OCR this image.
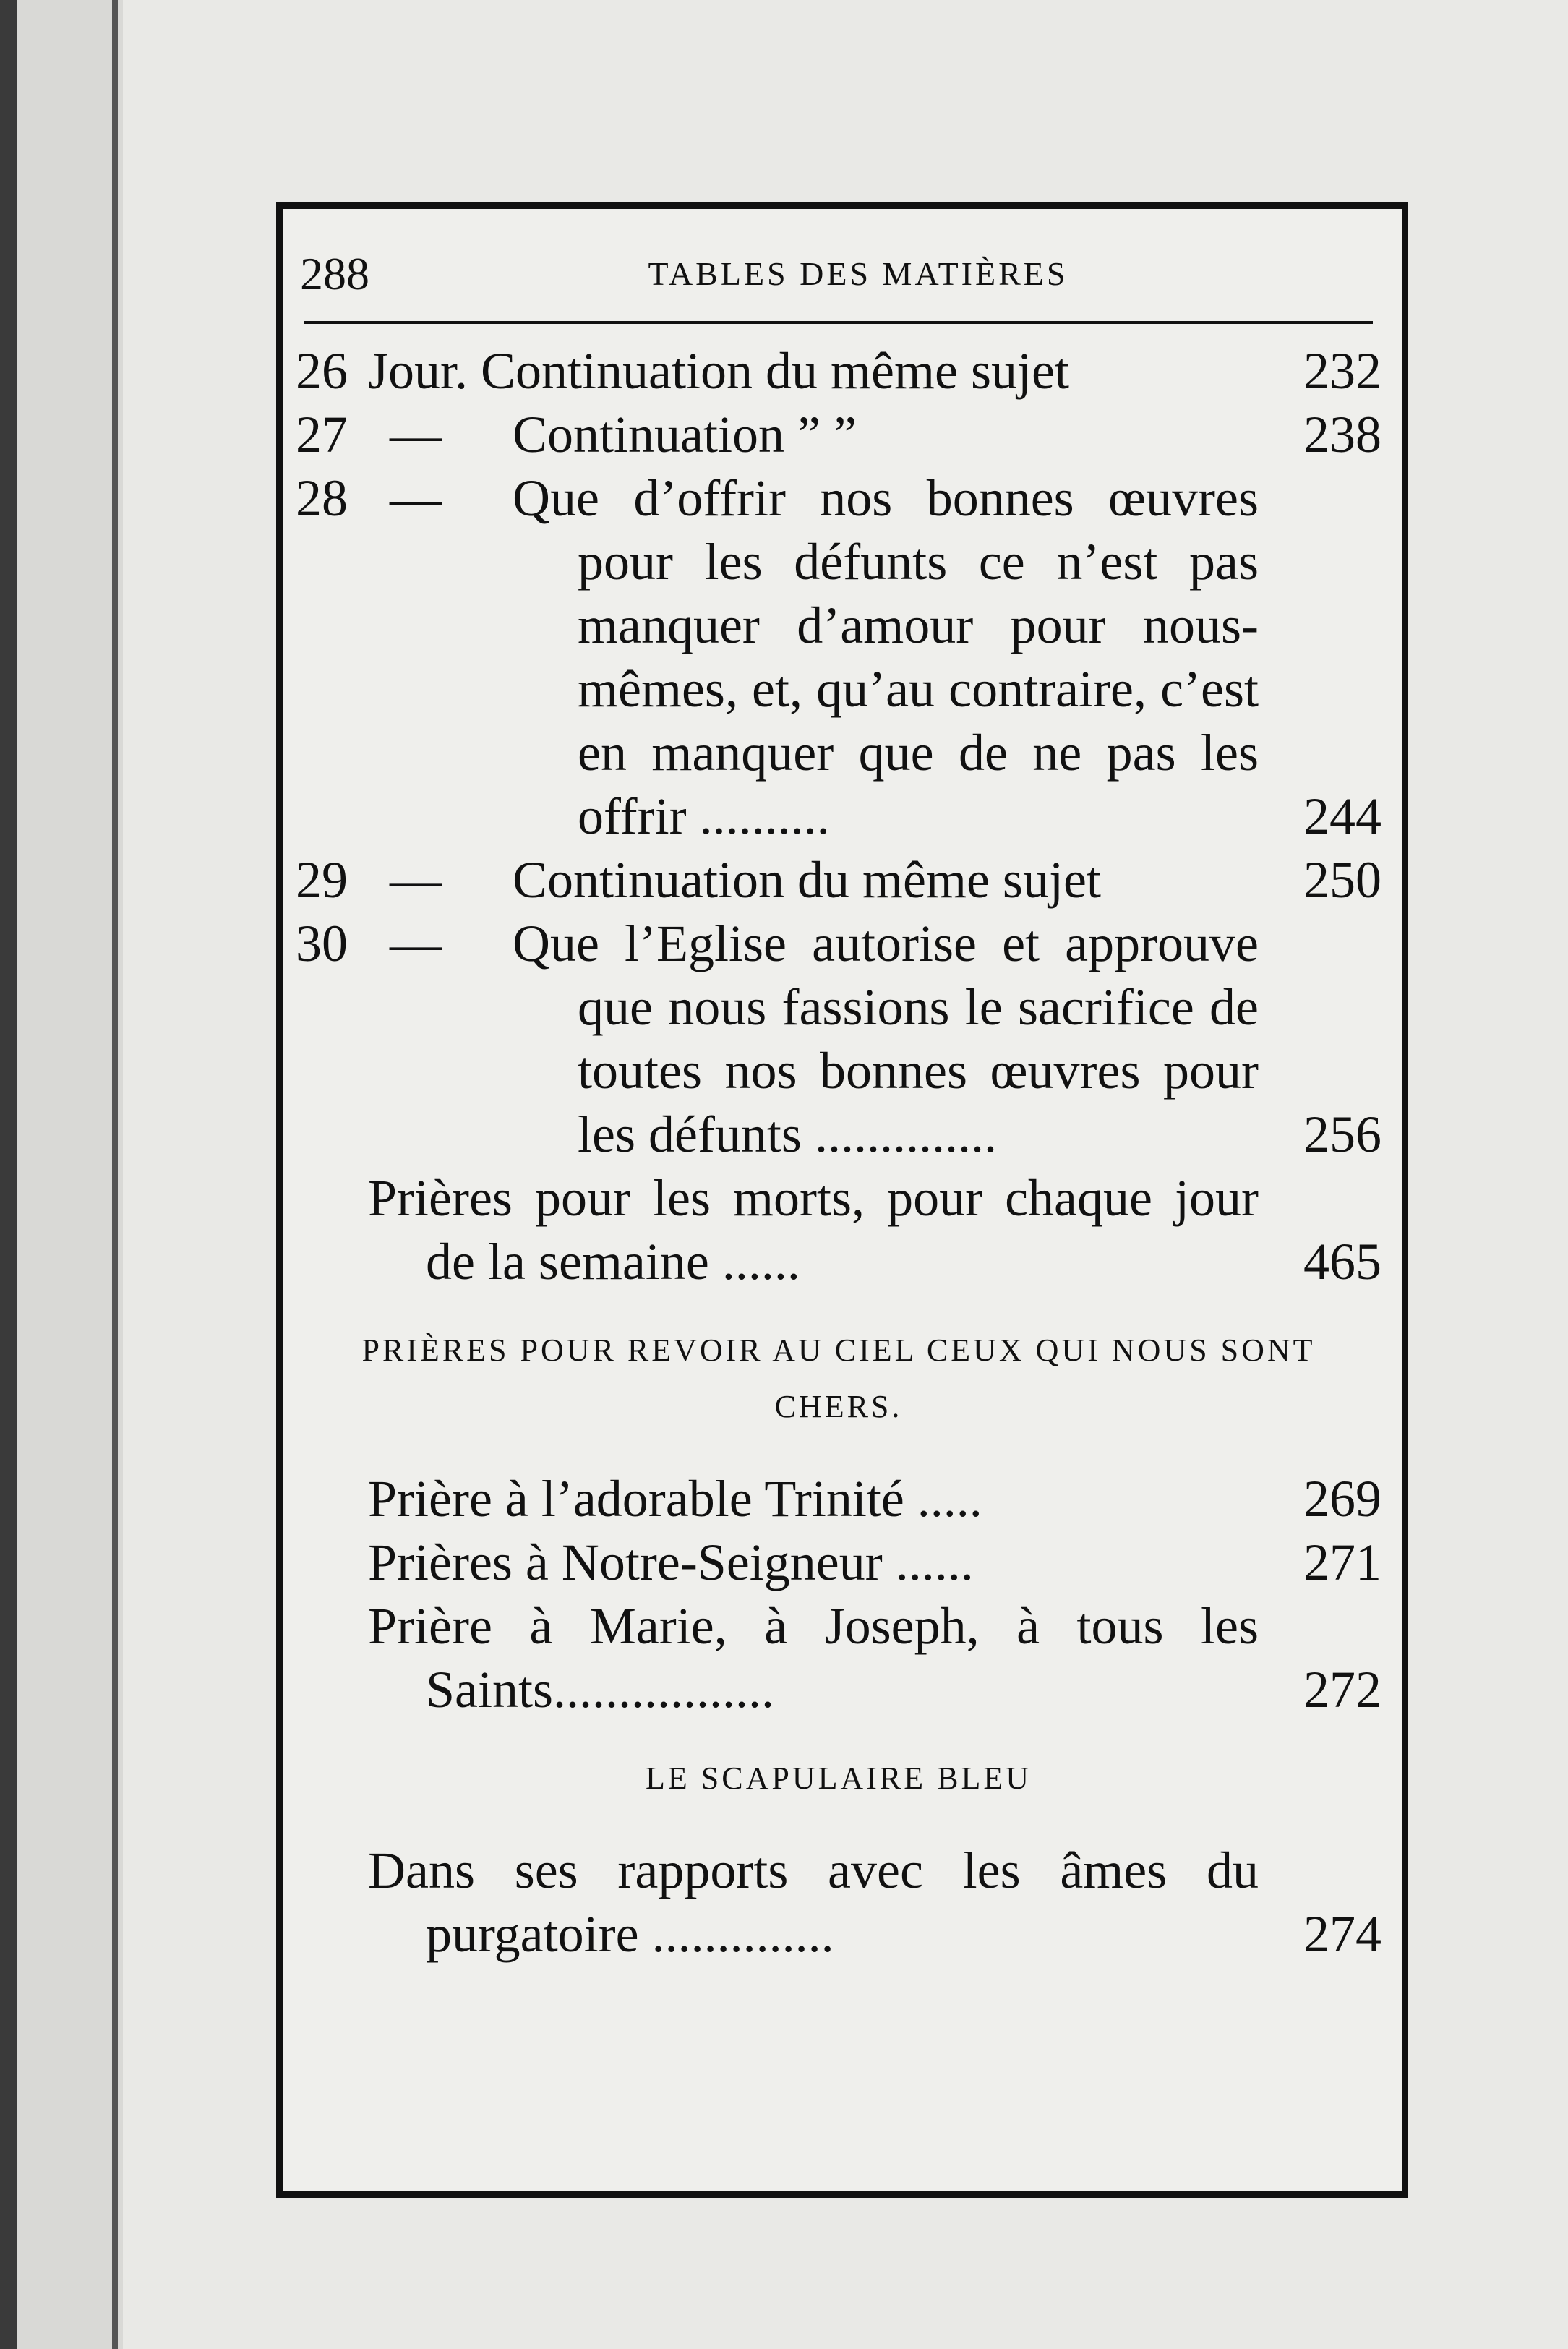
288	TABLES DES MATIÈRES
26 Jour. Continuation du même sujet	232
27 — Continuation ” ”	238
28 — Que d’offrir nos bonnes œuvres pour les défunts ce n’est pas manquer d’amour pour nous-mêmes, et, qu’au contraire, c’est en manquer que de ne pas les offrir ..........	244
29 — Continuation du même sujet	250
30 — Que l’Eglise autorise et approuve que nous fassions le sacrifice de toutes nos bonnes œuvres pour les défunts ..............	256
Prières pour les morts, pour chaque jour de la semaine ......	465
PRIÈRES POUR REVOIR AU CIEL CEUX QUI NOUS SONT CHERS.
Prière à l’adorable Trinité .....	269
Prières à Notre-Seigneur ......	271
Prière à Marie, à Joseph, à tous les Saints.................	272
LE SCAPULAIRE BLEU
Dans ses rapports avec les âmes du purgatoire ..............	274
